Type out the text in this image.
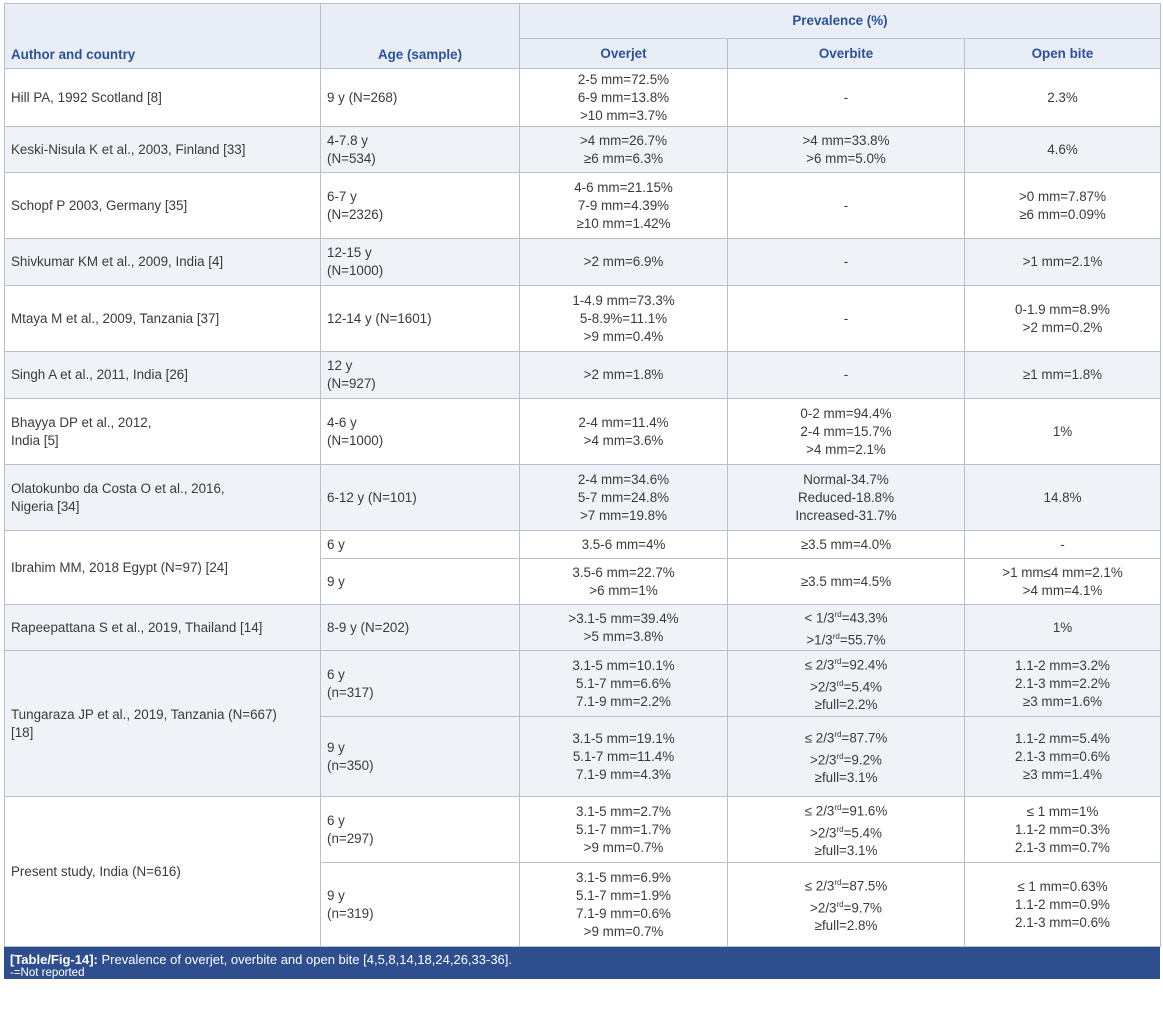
Author and country	Age (sample)	Prevalence (%)		
		Overjet	Overbite	Open bite
Hill PA, 1992 Scotland [8]	9 y (N=268)	2-5 mm=72.5%
6-9 mm=13.8%
>10 mm=3.7%	-	2.3%

Keski-Nisula K et al., 2003, Finland [33]	4-7.8 y
(N=534)	>4 mm=26.7%
≥6 mm=6.3%	>4 mm=33.8%
>6 mm=5.0%	4.6%

Schopf P 2003, Germany [35]	6-7 y
(N=2326)	4-6 mm=21.15%
7-9 mm=4.39%
≥10 mm=1.42%	-	>0 mm=7.87%
≥6 mm=0.09%

Shivkumar KM et al., 2009, India [4]	12-15 y
(N=1000)	>2 mm=6.9%	-	>1 mm=2.1%

Mtaya M et al., 2009, Tanzania [37]	12-14 y (N=1601)	1-4.9 mm=73.3%
5-8.9%=11.1%
>9 mm=0.4%	-	0-1.9 mm=8.9%
>2 mm=0.2%

Singh A et al., 2011, India [26]	12 y
(N=927)	>2 mm=1.8%	-	≥1 mm=1.8%

Bhayya DP et al., 2012,
India [5]	4-6 y
(N=1000)	2-4 mm=11.4%
>4 mm=3.6%	0-2 mm=94.4%
2-4 mm=15.7%
>4 mm=2.1%	1%

Olatokunbo da Costa O et al., 2016,
Nigeria [34]	6-12 y (N=101)	2-4 mm=34.6%
5-7 mm=24.8%
>7 mm=19.8%	Normal-34.7%
Reduced-18.8%
Increased-31.7%	14.8%

Ibrahim MM, 2018 Egypt (N=97) [24]	6 y	3.5-6 mm=4%	≥3.5 mm=4.0%	-

	9 y	3.5-6 mm=22.7%
>6 mm=1%	≥3.5 mm=4.5%	>1 mm≤4 mm=2.1%
>4 mm=4.1%

Rapeepattana S et al., 2019, Thailand [14]	8-9 y (N=202)	>3.1-5 mm=39.4%
>5 mm=3.8%	< 1/3rd=43.3%
>1/3rd=55.7%	1%

Tungaraza JP et al., 2019, Tanzania (N=667)
[18]	6 y
(n=317)	3.1-5 mm=10.1%
5.1-7 mm=6.6%
7.1-9 mm=2.2%	≤ 2/3rd=92.4%
>2/3rd=5.4%
≥full=2.2%	1.1-2 mm=3.2%
2.1-3 mm=2.2%
≥3 mm=1.6%

	9 y
(n=350)	3.1-5 mm=19.1%
5.1-7 mm=11.4%
7.1-9 mm=4.3%	≤ 2/3rd=87.7%
>2/3rd=9.2%
≥full=3.1%	1.1-2 mm=5.4%
2.1-3 mm=0.6%
≥3 mm=1.4%

Present study, India (N=616)	6 y
(n=297)	3.1-5 mm=2.7%
5.1-7 mm=1.7%
>9 mm=0.7%	≤ 2/3rd=91.6%
>2/3rd=5.4%
≥full=3.1%	≤ 1 mm=1%
1.1-2 mm=0.3%
2.1-3 mm=0.7%

	9 y
(n=319)	3.1-5 mm=6.9%
5.1-7 mm=1.9%
7.1-9 mm=0.6%
>9 mm=0.7%	≤ 2/3rd=87.5%
>2/3rd=9.7%
≥full=2.8%	≤ 1 mm=0.63%
1.1-2 mm=0.9%
2.1-3 mm=0.6%
[Table/Fig-14]: Prevalence of overjet, overbite and open bite [4,5,8,14,18,24,26,33-36].
-=Not reported
